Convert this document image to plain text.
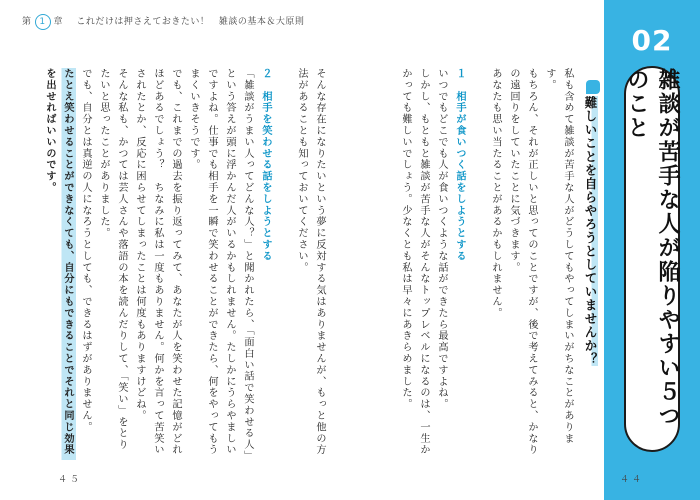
第 1 章 これだけは押さえておきたい！　雑談の基本＆大原則
02
雑談が苦手な人が陥りやすい５つのこと
難しいことを自らやろうとしていませんか？

私も含めて雑談が苦手な人がどうしてもやってしまいがちなことがあります。

もちろん、それが正しいと思ってのことですが、後で考えてみると、かなりの遠回りをしていたことに気づきます。

あなたも思い当たることがあるかもしれません。

１　相手が食いつく話をしようとする

いつでもどこでも人が食いつくような話ができたら最高ですよね。

しかし、もともと雑談が苦手な人がそんなトップレベルになるのは、一生かかっても難しいでしょう。少なくとも私は早々にあきらめました。

そんな存在になりたいという夢に反対する気はありませんが、もっと他の方法があることも知っておいてください。

２　相手を笑わせる話をしようとする

「雑談がうまい人ってどんな人？」と聞かれたら、「面白い話で笑わせる人」という答えが頭に浮かんだ人がいるかもしれません。たしかにうらやましいですよね。仕事でも相手を一瞬で笑わせることができたら、何をやってもうまくいきそうです。

でも、これまでの過去を振り返ってみて、あなたが人を笑わせた記憶がどれほどあるでしょう？　ちなみに私は一度もありません。何かを言って苦笑いされたとか、反応に困らせてしまったことは何度もありますけどね。

そんな私も、かつては芸人さんや落語の本を読んだりして、「笑い」をとりたいと思ったことがありました。

でも、自分とは真逆の人になろうとしても、できるはずがありません。

たとえ笑わせることができなくても、自分にもできることでそれと同じ効果を出せればいいのです。

４５	４４
